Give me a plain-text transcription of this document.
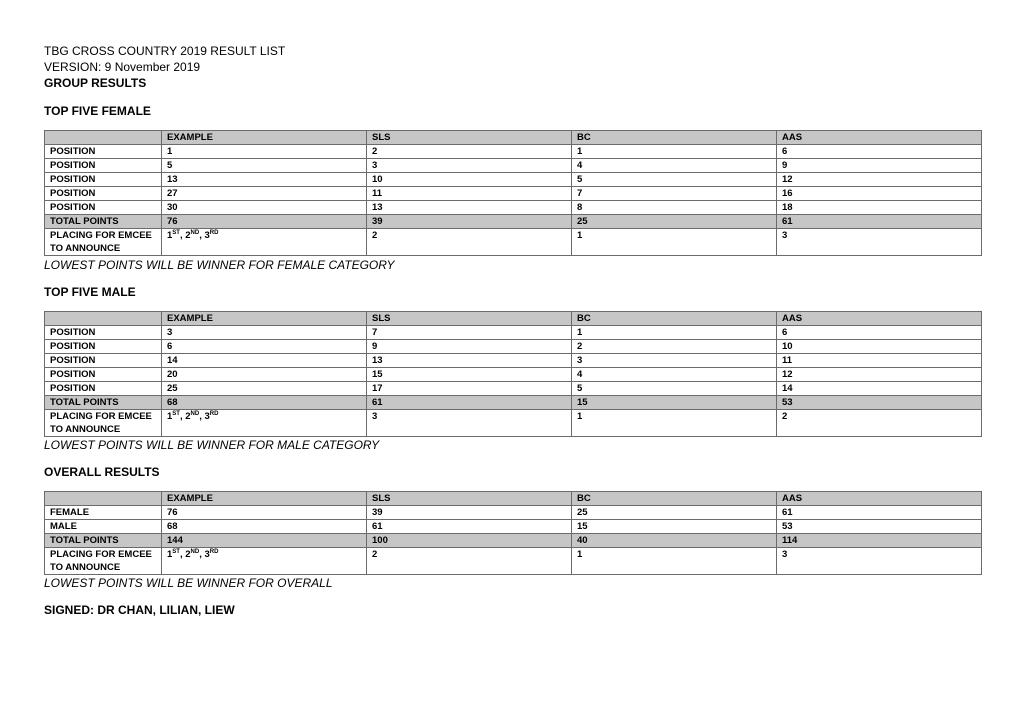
TBG CROSS COUNTRY 2019 RESULT LIST
VERSION: 9 November 2019
GROUP RESULTS
TOP FIVE FEMALE
	EXAMPLE	SLS	BC	AAS
POSITION	1	2	1	6
POSITION	5	3	4	9
POSITION	13	10	5	12
POSITION	27	11	7	16
POSITION	30	13	8	18
TOTAL POINTS	76	39	25	61
PLACING FOR EMCEE TO ANNOUNCE	1ST, 2ND, 3RD	2	1	3
LOWEST POINTS WILL BE WINNER FOR FEMALE CATEGORY
TOP FIVE MALE
	EXAMPLE	SLS	BC	AAS
POSITION	3	7	1	6
POSITION	6	9	2	10
POSITION	14	13	3	11
POSITION	20	15	4	12
POSITION	25	17	5	14
TOTAL POINTS	68	61	15	53
PLACING FOR EMCEE TO ANNOUNCE	1ST, 2ND, 3RD	3	1	2
LOWEST POINTS WILL BE WINNER FOR MALE CATEGORY
OVERALL RESULTS
	EXAMPLE	SLS	BC	AAS
FEMALE	76	39	25	61
MALE	68	61	15	53
TOTAL POINTS	144	100	40	114
PLACING FOR EMCEE TO ANNOUNCE	1ST, 2ND, 3RD	2	1	3
LOWEST POINTS WILL BE WINNER FOR OVERALL
SIGNED: DR CHAN, LILIAN, LIEW
